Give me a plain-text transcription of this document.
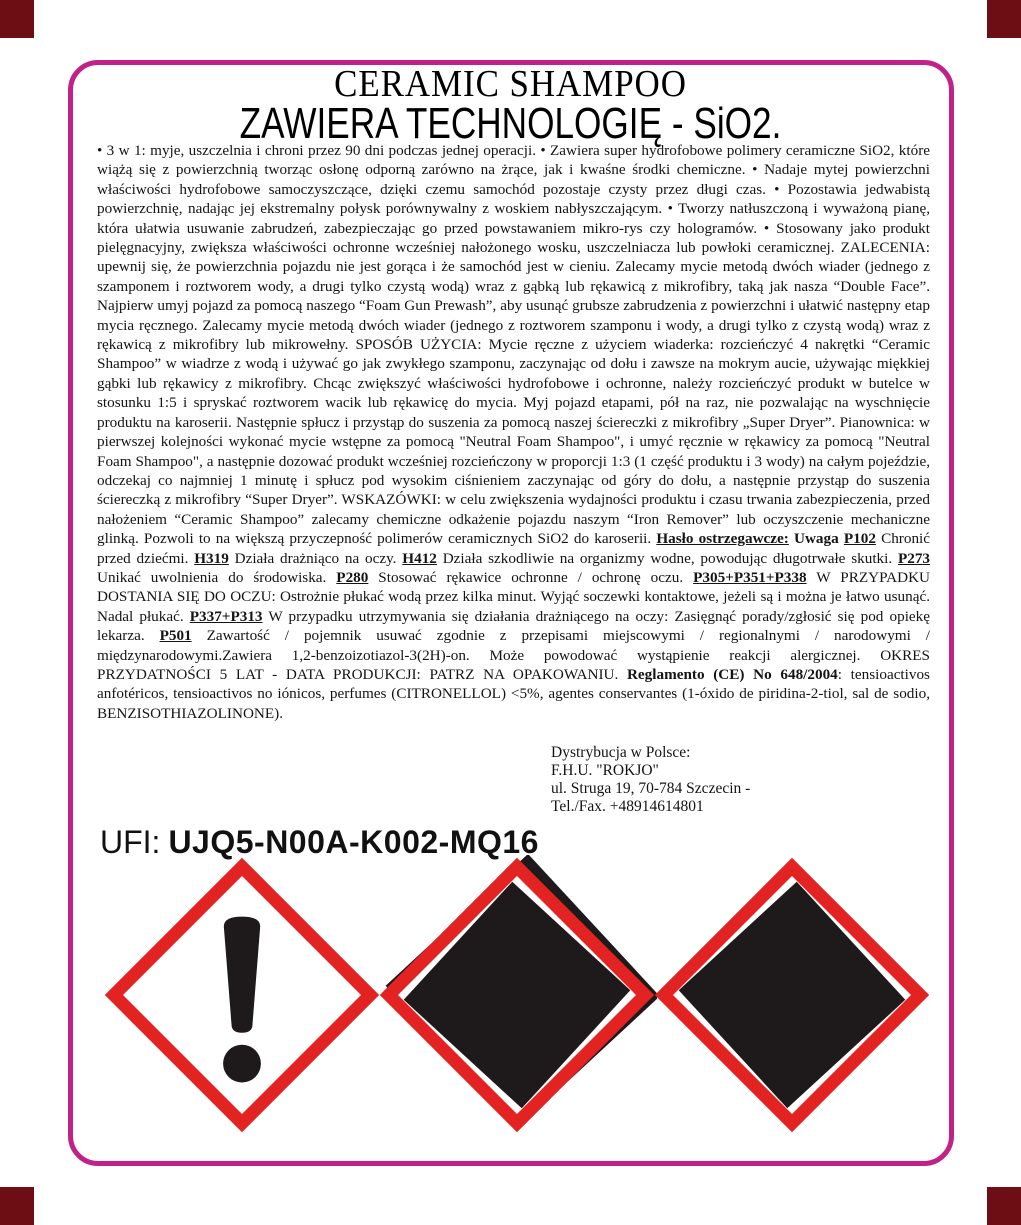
CERAMIC SHAMPOO
ZAWIERA TECHNOLOGIĘ - SiO2.
• 3 w 1: myje, uszczelnia i chroni przez 90 dni podczas jednej operacji. • Zawiera super hydrofobowe polimery ceramiczne SiO2, które wiążą się z powierzchnią tworząc osłonę odporną zarówno na żrące, jak i kwaśne środki chemiczne. • Nadaje mytej powierzchni właściwości hydrofobowe samoczyszczące, dzięki czemu samochód pozostaje czysty przez długi czas. • Pozostawia jedwabistą powierzchnię, nadając jej ekstremalny połysk porównywalny z woskiem nabłyszczającym. • Tworzy natłuszczoną i wyważoną pianę, która ułatwia usuwanie zabrudzeń, zabezpieczając go przed powstawaniem mikro-rys czy hologramów. • Stosowany jako produkt pielęgnacyjny, zwiększa właściwości ochronne wcześniej nałożonego wosku, uszczelniacza lub powłoki ceramicznej. ZALECENIA: upewnij się, że powierzchnia pojazdu nie jest gorąca i że samochód jest w cieniu. Zalecamy mycie metodą dwóch wiader (jednego z szamponem i roztworem wody, a drugi tylko czystą wodą) wraz z gąbką lub rękawicą z mikrofibry, taką jak nasza “Double Face”. Najpierw umyj pojazd za pomocą naszego “Foam Gun Prewash”, aby usunąć grubsze zabrudzenia z powierzchni i ułatwić następny etap mycia ręcznego. Zalecamy mycie metodą dwóch wiader (jednego z roztworem szamponu i wody, a drugi tylko z czystą wodą) wraz z rękawicą z mikrofibry lub mikrowełny. SPOSÓB UŻYCIA: Mycie ręczne z użyciem wiaderka: rozcieńczyć 4 nakrętki “Ceramic Shampoo” w wiadrze z wodą i używać go jak zwykłego szamponu, zaczynając od dołu i zawsze na mokrym aucie, używając miękkiej gąbki lub rękawicy z mikrofibry. Chcąc zwiększyć właściwości hydrofobowe i ochronne, należy rozcieńczyć produkt w butelce w stosunku 1:5 i spryskać roztworem wacik lub rękawicę do mycia. Myj pojazd etapami, pół na raz, nie pozwalając na wyschnięcie produktu na karoserii. Następnie spłucz i przystąp do suszenia za pomocą naszej ściereczki z mikrofibry „Super Dryer”. Pianownica: w pierwszej kolejności wykonać mycie wstępne za pomocą "Neutral Foam Shampoo", i umyć ręcznie w rękawicy za pomocą "Neutral Foam Shampoo", a następnie dozować produkt wcześniej rozcieńczony w proporcji 1:3 (1 część produktu i 3 wody) na całym pojeździe, odczekaj co najmniej 1 minutę i spłucz pod wysokim ciśnieniem zaczynając od góry do dołu, a następnie przystąp do suszenia ściereczką z mikrofibry “Super Dryer”. WSKAZÓWKI: w celu zwiększenia wydajności produktu i czasu trwania zabezpieczenia, przed nałożeniem “Ceramic Shampoo” zalecamy chemiczne odkażenie pojazdu naszym “Iron Remover” lub oczyszczenie mechaniczne glinką. Pozwoli to na większą przyczepność polimerów ceramicznych SiO2 do karoserii. Hasło ostrzegawcze: Uwaga P102 Chronić przed dziećmi. H319 Działa drażniąco na oczy. H412 Działa szkodliwie na organizmy wodne, powodując długotrwałe skutki. P273 Unikać uwolnienia do środowiska. P280 Stosować rękawice ochronne / ochronę oczu. P305+P351+P338 W PRZYPADKU DOSTANIA SIĘ DO OCZU: Ostrożnie płukać wodą przez kilka minut. Wyjąć soczewki kontaktowe, jeżeli są i można je łatwo usunąć. Nadal płukać. P337+P313 W przypadku utrzymywania się działania drażniącego na oczy: Zasięgnąć porady/zgłosić się pod opiekę lekarza. P501 Zawartość / pojemnik usuwać zgodnie z przepisami miejscowymi / regionalnymi / narodowymi / międzynarodowymi.Zawiera 1,2-benzoizotiazol-3(2H)-on. Może powodować wystąpienie reakcji alergicznej. OKRES PRZYDATNOŚCI 5 LAT - DATA PRODUKCJI: PATRZ NA OPAKOWANIU. Reglamento (CE) No 648/2004: tensioactivos anfotéricos, tensioactivos no iónicos, perfumes (CITRONELLOL) <5%, agentes conservantes (1-óxido de piridina-2-tiol, sal de sodio, BENZISOTHIAZOLINONE).
Dystrybucja w Polsce:
F.H.U. "ROKJO"
ul. Struga 19, 70-784 Szczecin -
Tel./Fax. +48914614801
UFI: UJQ5-N00A-K002-MQ16
